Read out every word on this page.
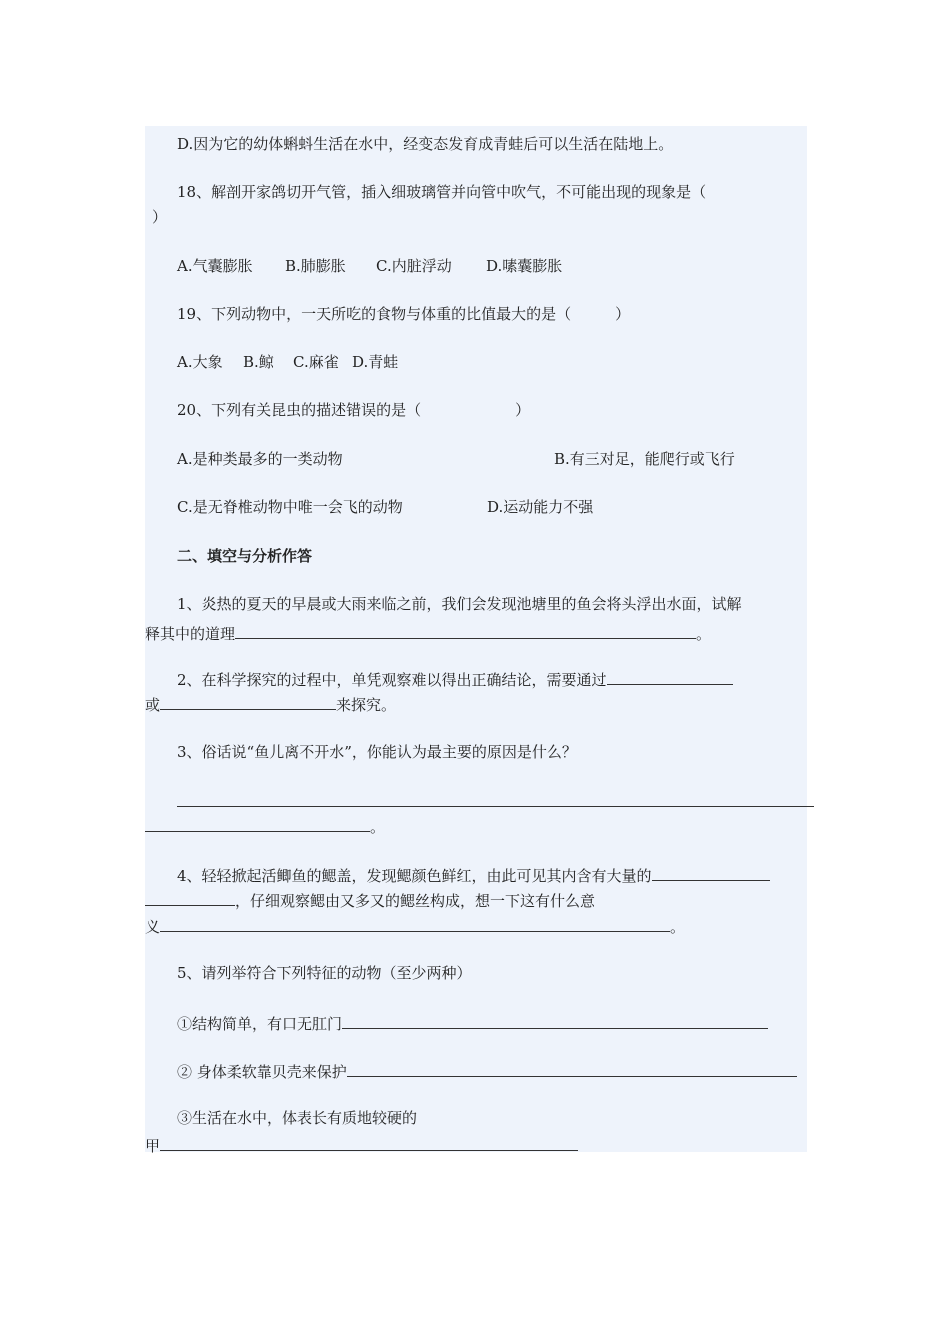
D.因为它的幼体蝌蚪生活在水中，经变态发育成青蛙后可以生活在陆地上。
18、解剖开家鸽切开气管，插入细玻璃管并向管中吹气，不可能出现的现象是（
）
A.气囊膨胀 B.肺膨胀 C.内脏浮动 D.嗉囊膨胀
19、下列动物中，一天所吃的食物与体重的比值最大的是（	）
A.大象 B.鲸 C.麻雀 D.青蛙
20、下列有关昆虫的描述错误的是（	）
A.是种类最多的一类动物	B.有三对足，能爬行或飞行
C.是无脊椎动物中唯一会飞的动物	D.运动能力不强
二、填空与分析作答
1、炎热的夏天的早晨或大雨来临之前，我们会发现池塘里的鱼会将头浮出水面，试解
释其中的道理	。
2、在科学探究的过程中，单凭观察难以得出正确结论，需要通过
或	来探究。
3、俗话说“鱼儿离不开水”，你能认为最主要的原因是什么？
。
4、轻轻掀起活鲫鱼的鳃盖，发现鳃颜色鲜红，由此可见其内含有大量的
，仔细观察鳃由又多又的鳃丝构成，想一下这有什么意
义	。
5、请列举符合下列特征的动物（至少两种）
①结构简单，有口无肛门
② 身体柔软靠贝壳来保护
③生活在水中，体表长有质地较硬的
甲
